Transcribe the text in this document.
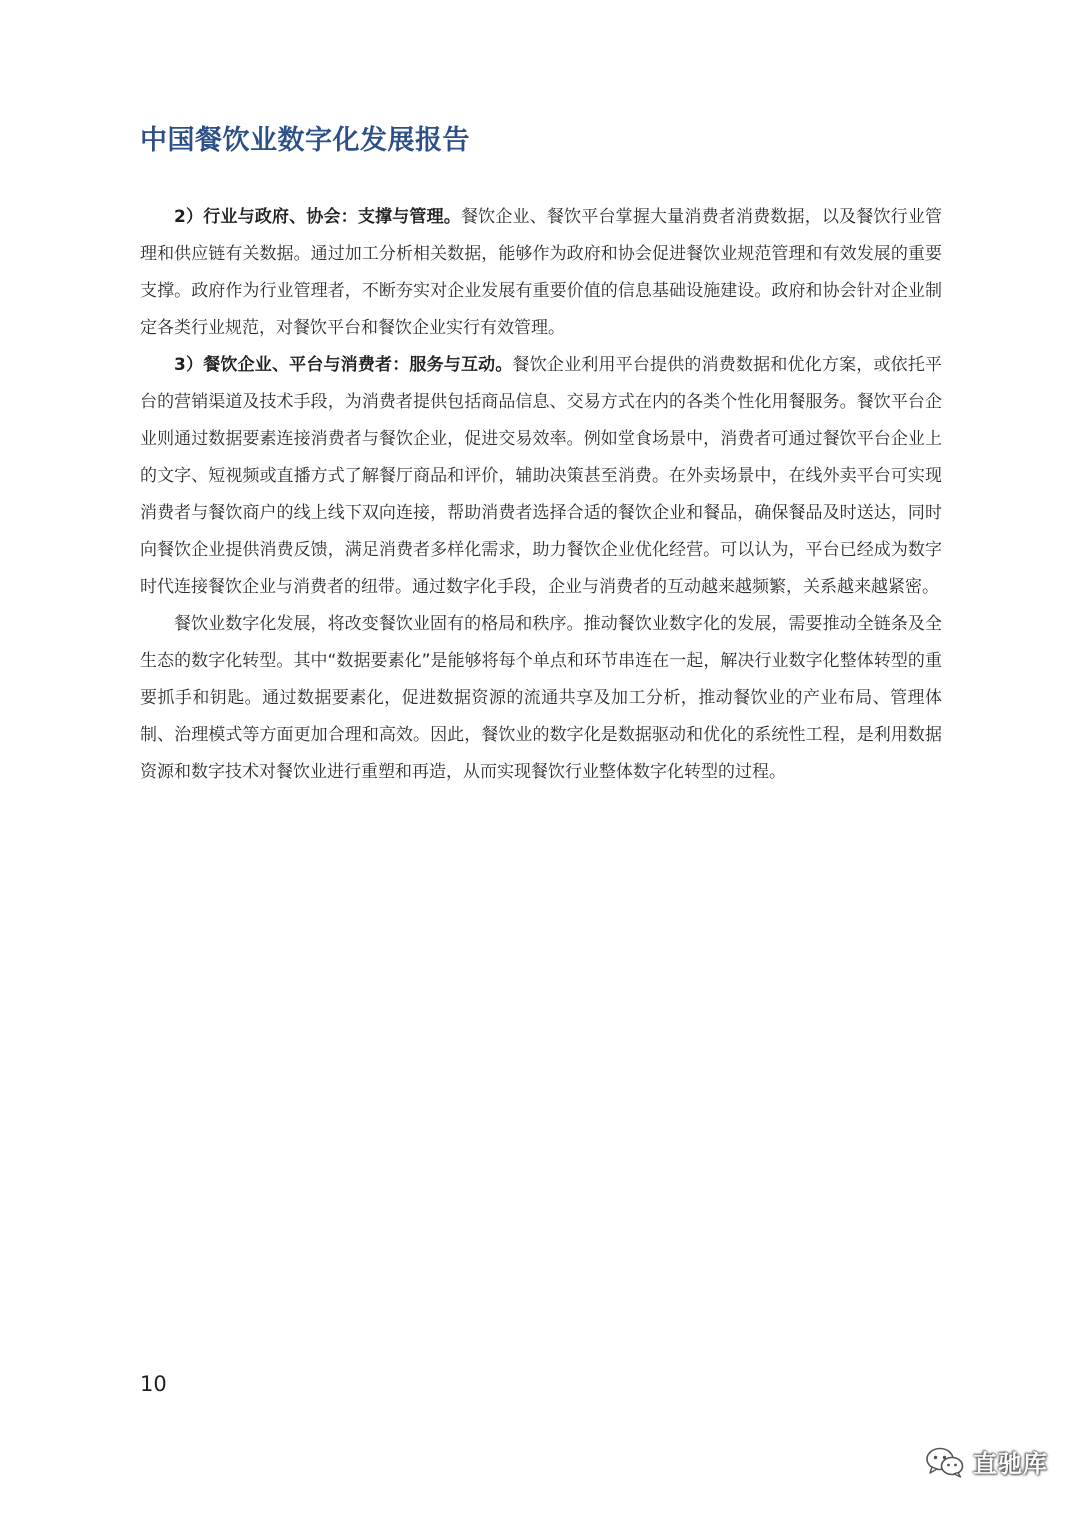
中国餐饮业数字化发展报告

2）行业与政府、协会：支撑与管理。餐饮企业、餐饮平台掌握大量消费者消费数据，以及餐饮行业管理和供应链有关数据。通过加工分析相关数据，能够作为政府和协会促进餐饮业规范管理和有效发展的重要支撑。政府作为行业管理者，不断夯实对企业发展有重要价值的信息基础设施建设。政府和协会针对企业制定各类行业规范，对餐饮平台和餐饮企业实行有效管理。

3）餐饮企业、平台与消费者：服务与互动。餐饮企业利用平台提供的消费数据和优化方案，或依托平台的营销渠道及技术手段，为消费者提供包括商品信息、交易方式在内的各类个性化用餐服务。餐饮平台企业则通过数据要素连接消费者与餐饮企业，促进交易效率。例如堂食场景中，消费者可通过餐饮平台企业上的文字、短视频或直播方式了解餐厅商品和评价，辅助决策甚至消费。在外卖场景中，在线外卖平台可实现消费者与餐饮商户的线上线下双向连接，帮助消费者选择合适的餐饮企业和餐品，确保餐品及时送达，同时向餐饮企业提供消费反馈，满足消费者多样化需求，助力餐饮企业优化经营。可以认为，平台已经成为数字时代连接餐饮企业与消费者的纽带。通过数字化手段，企业与消费者的互动越来越频繁，关系越来越紧密。

餐饮业数字化发展，将改变餐饮业固有的格局和秩序。推动餐饮业数字化的发展，需要推动全链条及全生态的数字化转型。其中“数据要素化”是能够将每个单点和环节串连在一起，解决行业数字化整体转型的重要抓手和钥匙。通过数据要素化，促进数据资源的流通共享及加工分析，推动餐饮业的产业布局、管理体制、治理模式等方面更加合理和高效。因此，餐饮业的数字化是数据驱动和优化的系统性工程，是利用数据资源和数字技术对餐饮业进行重塑和再造，从而实现餐饮行业整体数字化转型的过程。

10
直驰库
